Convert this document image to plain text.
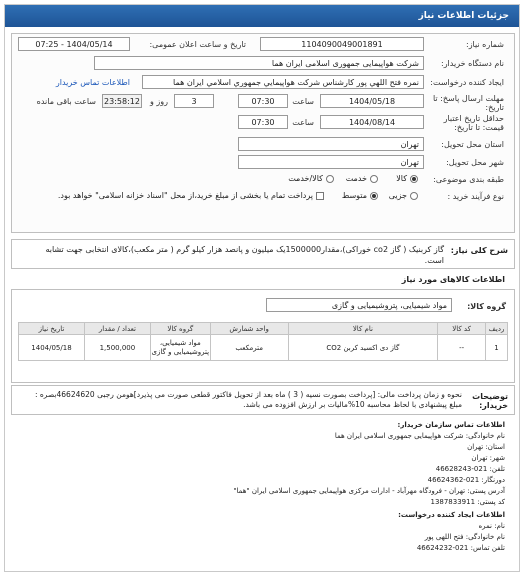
جزئیات اطلاعات نیاز
شماره نیاز:
1104090049001891
تاریخ و ساعت اعلان عمومی:
1404/05/14 - 07:25
نام دستگاه خریدار:
شرکت هواپیمایی جمهوری اسلامی ایران هما
ایجاد کننده درخواست:
نمره فتح اللهي پور كارشناس شركت هواپيمايي جمهوري اسلامي ايران هما
اطلاعات تماس خریدار
مهلت ارسال پاسخ: تا تاریخ:
1404/05/18
ساعت
07:30
3
روز و
23:58:12
ساعت باقی مانده
حداقل تاریخ اعتبار قیمت: تا تاریخ:
1404/08/14
ساعت
07:30
استان محل تحویل:
تهران
شهر محل تحویل:
تهران
طبقه بندی موضوعی:
کالا
خدمت
کالا/خدمت
نوع فرآیند خرید :
جزیی
متوسط
پرداخت تمام یا بخشی از مبلغ خرید،از محل "اسناد خزانه اسلامی" خواهد بود.
شرح کلی نیاز:
گاز کربنیک ( گاز co2 خوراکی)،مقدار1500000یک میلیون و پانصد هزار کیلو گرم ( متر مکعب)،کالای انتخابی جهت تشابه است.
اطلاعات کالاهای مورد نیاز
گروه کالا:
مواد شیمیایی، پتروشیمیایی و گازی
ردیف	کد کالا	نام کالا	واحد شمارش	گروه کالا	تعداد / مقدار	تاریخ نیاز
1	--	گاز دی اکسید کربن CO2	مترمکعب	مواد شیمیایی، پتروشیمیایی و گازی	1,500,000	1404/05/18
توضیحات خریدار:
نحوه و زمان پرداخت مالی: [پرداخت بصورت نسیه ( 3 ) ماه بعد از تحویل فاکتور قطعی صورت می پذیرد]هومن رجبی 46624620بصره : مبلغ پیشنهادی با لحاظ محاسبه 10%مالیات بر ارزش افزوده می باشد.
اطلاعات تماس سازمان خریدار:
نام خانوادگی: شرکت هواپیمایی جمهوری اسلامی ایران هما
استان: تهران
شهر: تهران
تلفن: 021-46628243
دورنگار: 021-46624362
آدرس پستی: تهران - فرودگاه مهرآباد - ادارات مرکزی هواپیمایی جمهوری اسلامی ایران "هما"
کد پستی: 1387833911
اطلاعات ایجاد کننده درخواست:
نام: نمره
نام خانوادگی: فتح اللهی پور
تلفن تماس: 021-46624232
